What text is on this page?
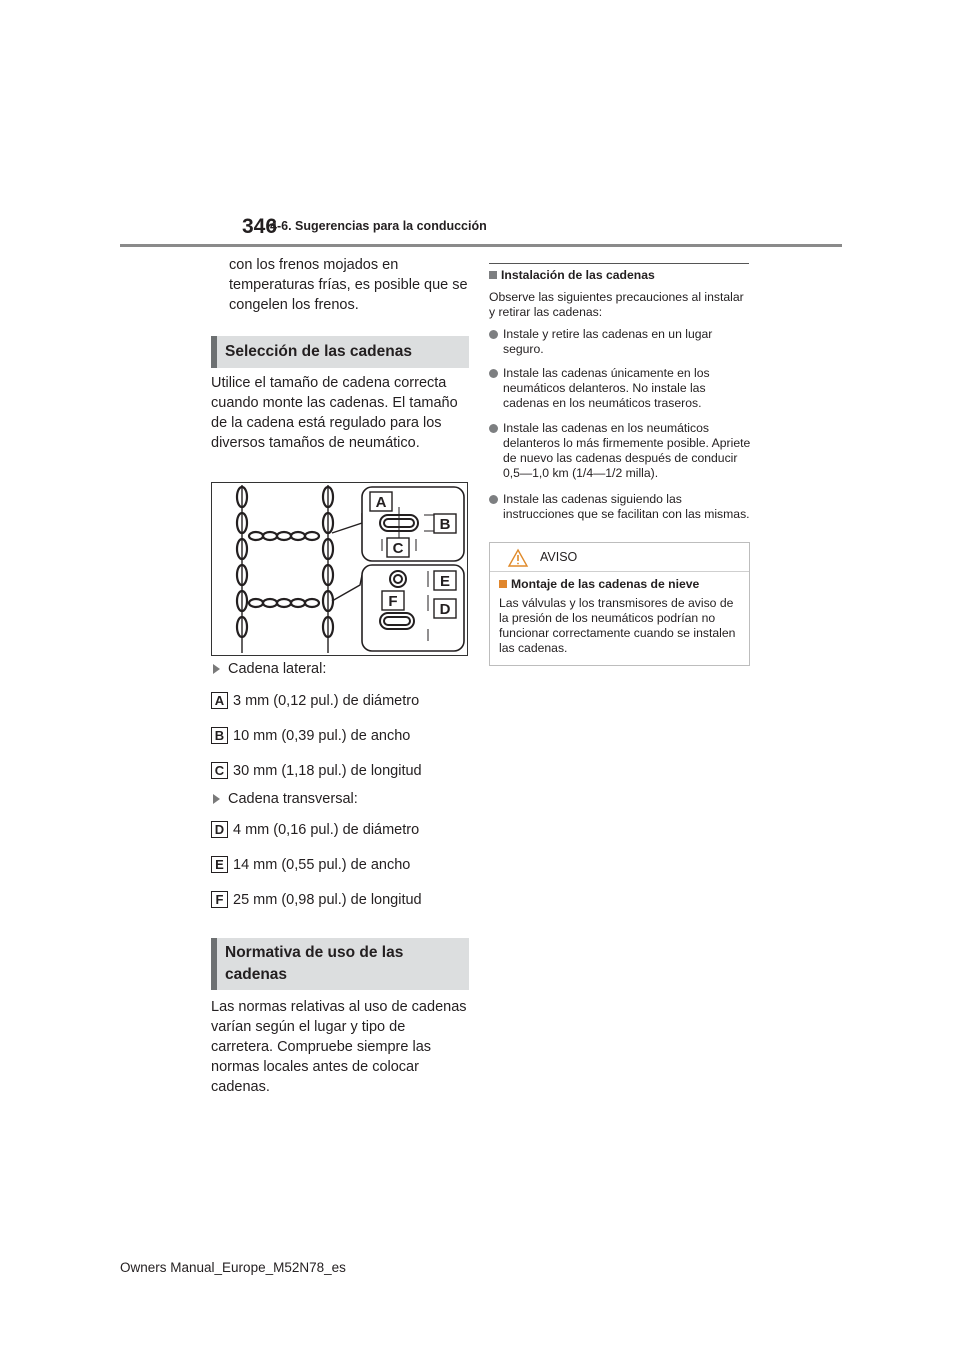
346
4-6. Sugerencias para la conducción

con los frenos mojados en temperaturas frías, es posible que se congelen los frenos.

Selección de las cadenas

Utilice el tamaño de cadena correcta cuando monte las cadenas. El tamaño de la cadena está regulado para los diversos tamaños de neumático.

A
B
C
E
F	D
Cadena lateral:
A 3 mm (0,12 pul.) de diámetro
B 10 mm (0,39 pul.) de ancho
C 30 mm (1,18 pul.) de longitud
Cadena transversal:
D 4 mm (0,16 pul.) de diámetro
E 14 mm (0,55 pul.) de ancho
F 25 mm (0,98 pul.) de longitud
Normativa de uso de las cadenas

Las normas relativas al uso de cadenas varían según el lugar y tipo de carretera. Compruebe siempre las normas locales antes de colocar cadenas.

Instalación de las cadenas

Observe las siguientes precauciones al instalar y retirar las cadenas:

Instale y retire las cadenas en un lugar seguro.

Instale las cadenas únicamente en los neumáticos delanteros. No instale las cadenas en los neumáticos traseros.

Instale las cadenas en los neumáticos delanteros lo más firmemente posible. Apriete de nuevo las cadenas después de conducir 0,5—1,0 km (1/4—1/2 milla).

Instale las cadenas siguiendo las instrucciones que se facilitan con las mismas.

AVISO
Montaje de las cadenas de nieve

Las válvulas y los transmisores de aviso de la presión de los neumáticos podrían no funcionar correctamente cuando se instalen las cadenas.

Owners Manual_Europe_M52N78_es
